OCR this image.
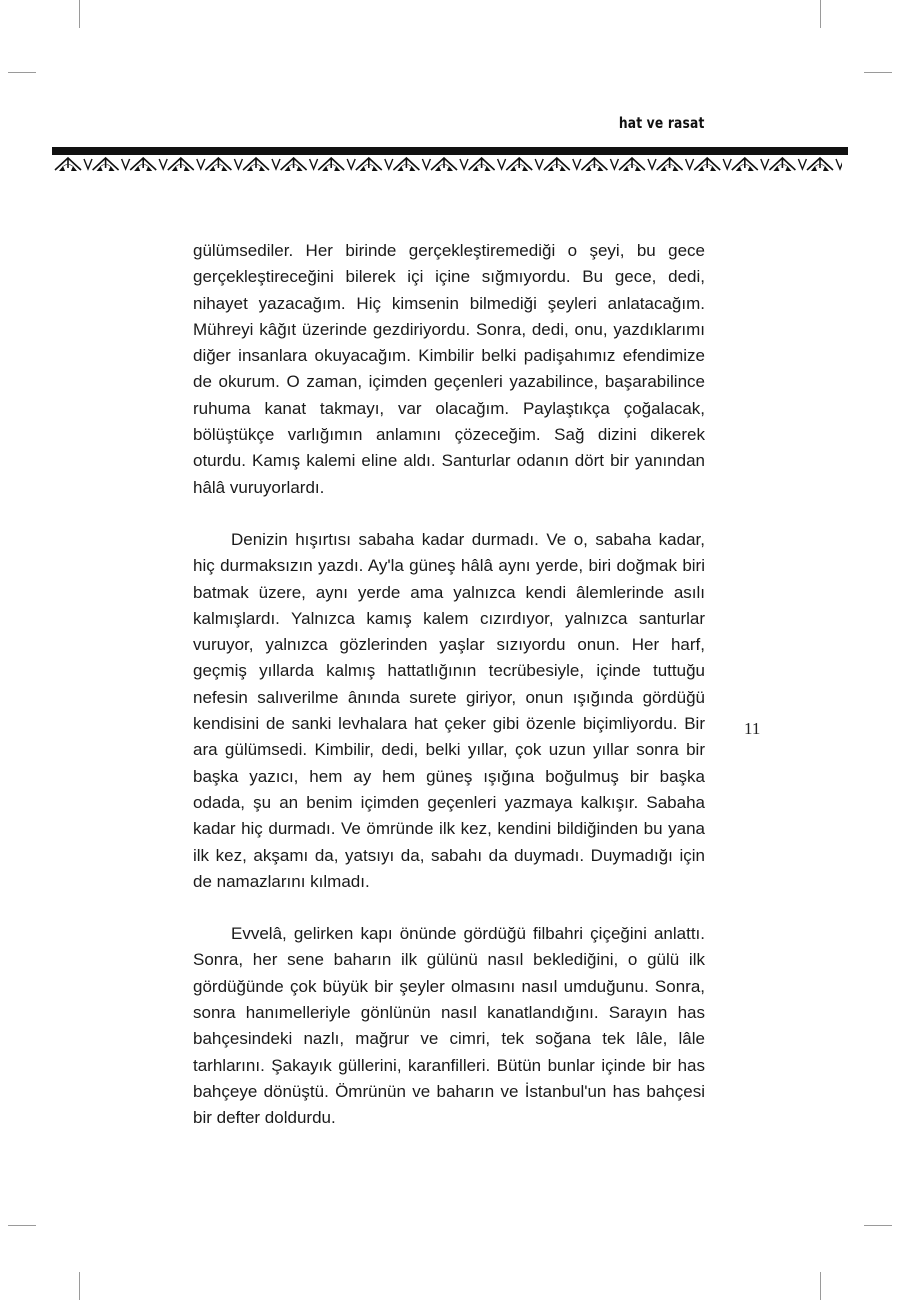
hat ve rasat

gülümsediler. Her birinde gerçekleştiremediği o şeyi, bu gece gerçekleştireceğini bilerek içi içine sığmıyordu. Bu gece, dedi, nihayet yazacağım. Hiç kimsenin bilmediği şeyleri anlatacağım. Mühreyi kâğıt üzerinde gezdiriyordu. Sonra, dedi, onu, yazdıklarımı diğer insanlara okuyacağım. Kimbilir belki padişahımız efendimize de okurum. O zaman, içimden geçenleri yazabilince, başarabilince ruhuma kanat takmayı, var olacağım. Paylaştıkça çoğalacak, bölüştükçe varlığımın anlamını çözeceğim. Sağ dizini dikerek oturdu. Kamış kalemi eline aldı. Santurlar odanın dört bir yanından hâlâ vuruyorlardı.

Denizin hışırtısı sabaha kadar durmadı. Ve o, sabaha kadar, hiç durmaksızın yazdı. Ay'la güneş hâlâ aynı yerde, biri doğmak biri batmak üzere, aynı yerde ama yalnızca kendi âlemlerinde asılı kalmışlardı. Yalnızca kamış kalem cızırdıyor, yalnızca santurlar vuruyor, yalnızca gözlerinden yaşlar sızıyordu onun. Her harf, geçmiş yıllarda kalmış hattatlığının tecrübesiyle, içinde tuttuğu nefesin salıverilme ânında surete giriyor, onun ışığında gördüğü kendisini de sanki levhalara hat çeker gibi özenle biçimliyordu. Bir ara gülümsedi. Kimbilir, dedi, belki yıllar, çok uzun yıllar sonra bir başka yazıcı, hem ay hem güneş ışığına boğulmuş bir başka odada, şu an benim içimden geçenleri yazmaya kalkışır. Sabaha kadar hiç durmadı. Ve ömründe ilk kez, kendini bildiğinden bu yana ilk kez, akşamı da, yatsıyı da, sabahı da duymadı. Duymadığı için de namazlarını kılmadı.

Evvelâ, gelirken kapı önünde gördüğü filbahri çiçeğini anlattı. Sonra, her sene baharın ilk gülünü nasıl beklediğini, o gülü ilk gördüğünde çok büyük bir şeyler olmasını nasıl umduğunu. Sonra, sonra hanımelleriyle gönlünün nasıl kanatlandığını. Sarayın has bahçesindeki nazlı, mağrur ve cimri, tek soğana tek lâle, lâle tarhlarını. Şakayık güllerini, karanfilleri. Bütün bunlar içinde bir has bahçeye dönüştü. Ömrünün ve baharın ve İstanbul'un has bahçesi bir defter doldurdu.

11
